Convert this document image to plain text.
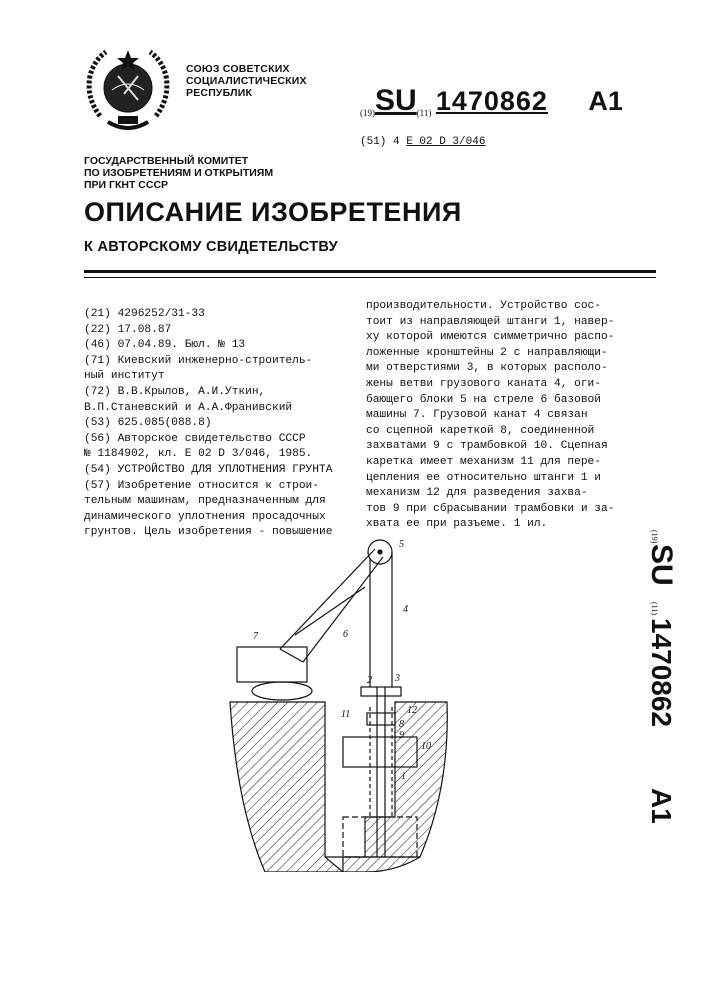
СОЮЗ СОВЕТСКИХ
СОЦИАЛИСТИЧЕСКИХ
РЕСПУБЛИК
(19)SU(11) 1470862 A1
(51) 4 E 02 D 3/046
ГОСУДАРСТВЕННЫЙ КОМИТЕТ
ПО ИЗОБРЕТЕНИЯМ И ОТКРЫТИЯМ
ПРИ ГКНТ СССР
ОПИСАНИЕ ИЗОБРЕТЕНИЯ
К АВТОРСКОМУ СВИДЕТЕЛЬСТВУ
(21) 4296252/31-33
(22) 17.08.87
(46) 07.04.89. Бюл. № 13
(71) Киевский инженерно-строитель-
ный институт
(72) В.В.Крылов, А.И.Уткин,
В.П.Станевский и А.А.Франивский
(53) 625.085(088.8)
(56) Авторское свидетельство СССР
№ 1184902, кл. E 02 D 3/046, 1985.
(54) УСТРОЙСТВО ДЛЯ УПЛОТНЕНИЯ ГРУНТА
(57) Изобретение относится к строи-
тельным машинам, предназначенным для
динамического уплотнения просадочных
грунтов. Цель изобретения - повышение
производительности. Устройство сос-
тоит из направляющей штанги 1, навер-
ху которой имеются симметрично распо-
ложенные кронштейны 2 с направляющи-
ми отверстиями 3, в которых располо-
жены ветви грузового каната 4, оги-
бающего блоки 5 на стреле 6 базовой
машины 7. Грузовой канат 4 связан
со сцепной кареткой 8, соединенной
захватами 9 с трамбовкой 10. Сцепная
каретка имеет механизм 11 для пере-
цепления ее относительно штанги 1 и
механизм 12 для разведения захва-
тов 9 при сбрасывании трамбовки и за-
хвата ее при разъеме. 1 ил.
(19)
SU
(11)
1470862
A1
5
4
7	6
2 3
11	12
8
9
10
1
